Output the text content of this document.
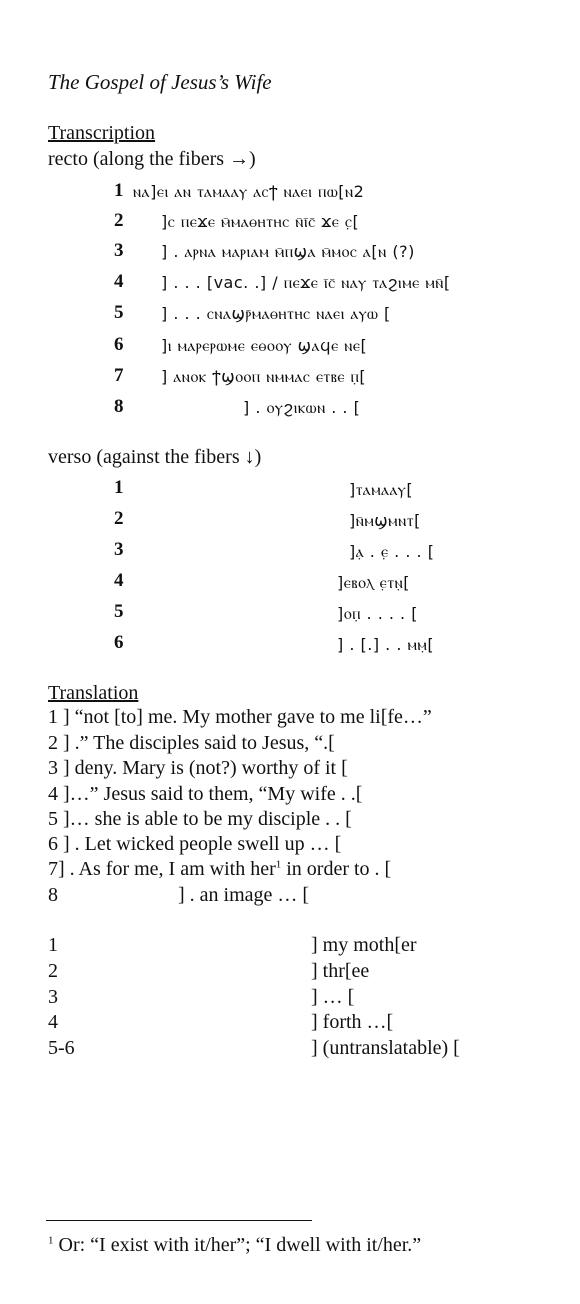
The Gospel of Jesus’s Wife
Transcription
recto (along the fibers →)
1 ⲛⲁ]ⲉⲓ ⲁⲛ ⲧⲁⲙⲁⲁⲩ ⲁⲥϯ ⲛⲁⲉⲓ ⲡⲱ[ⲛ2
2 ]ⲥ ⲡⲉϫⲉ ⲙ̄ⲙⲁⲑⲏⲧⲏⲥ ⲛ̄ⲓ̄ⲥ̄ ϫⲉ ⲥ̣[
3 ] . ⲁⲣⲛⲁ ⲙⲁⲣⲓⲁⲙ ⲙ̄ⲡϣⲁ ⲙ̄ⲙⲟⲥ ⲁ[ⲛ (?)
4 ] . . . [vac. .] / ⲡⲉϫⲉ ⲓ̄ⲥ̄ ⲛⲁⲩ ⲧⲁϩⲓⲙⲉ ⲙⲛ̄[
5 ] . . . ⲥⲛⲁϣⲣ̄ⲙⲁⲑⲏⲧⲏⲥ ⲛⲁⲉⲓ ⲁⲩⲱ [
6 ]ⲓ ⲙⲁⲣⲉⲣⲱⲙⲉ ⲉⲑⲟⲟⲩ ϣⲁϥⲉ ⲛⲉ[
7 ] ⲁⲛⲟⲕ ϯϣⲟⲟⲡ ⲛⲙⲙⲁⲥ ⲉⲧⲃⲉ ⲡ̣[
8	] . ⲟⲩϩⲓⲕⲱⲛ . . [
verso (against the fibers ↓)
1	]ⲧⲁⲙⲁⲁⲩ[
2	]ⲛ̄ⲙϣⲙⲛⲧ[
3	]ⲁ̣ . ⲉ̣ . . . [
4	]ⲉⲃⲟⲗ ⲉ̣ⲧⲛ̣[
5	]ⲟⲡ̣ . . . . [
6	] . [.] . . ⲙⲙ̣[
Translation
1 ] “not [to] me. My mother gave to me li[fe…”
2 ] .” The disciples said to Jesus, “.[
3 ] deny. Mary is (not?) worthy of it [
4 ]…” Jesus said to them, “My wife . .[
5 ]… she is able to be my disciple . . [
6 ] . Let wicked people swell up … [
7] . As for me, I am with her$^1$ in order to . [
8	] . an image … [
1	] my moth[er
2	] thr[ee
3	] … [
4	] forth …[
5-6	] (untranslatable) [
$^1$ Or: “I exist with it/her”; “I dwell with it/her.”
